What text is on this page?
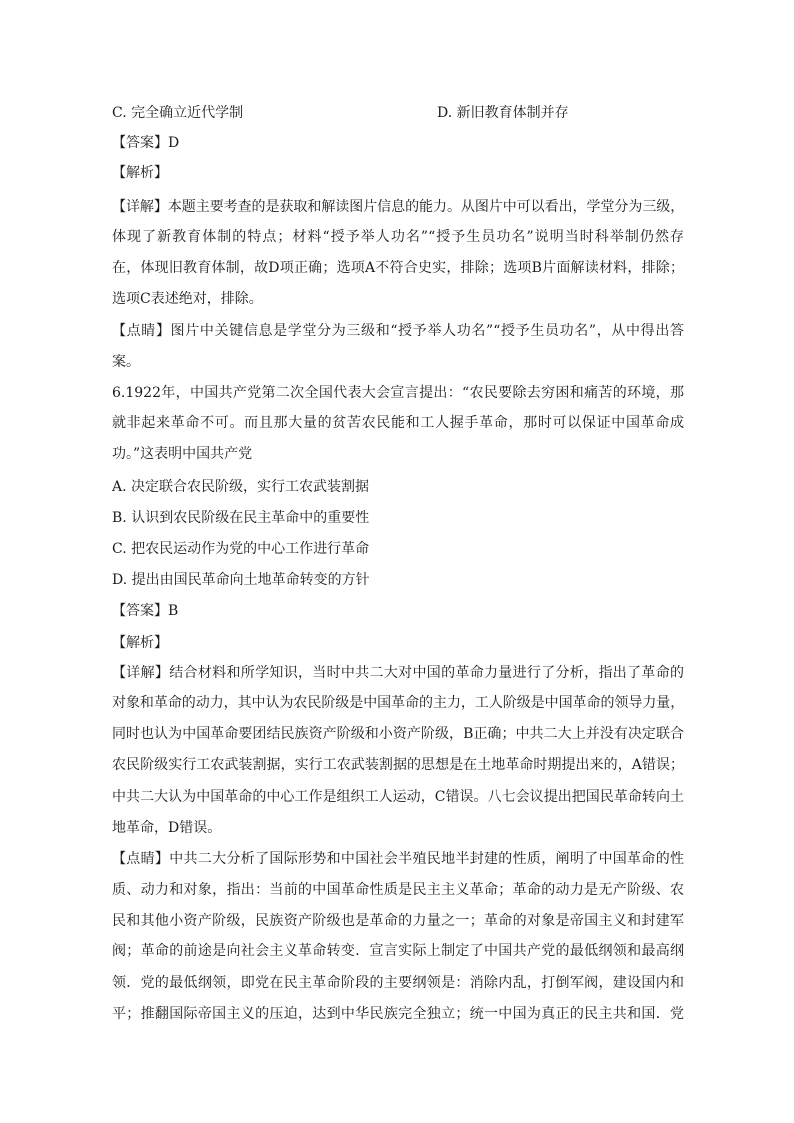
C. 完全确立近代学制	D. 新旧教育体制并存
【答案】D
【解析】
【详解】本题主要考查的是获取和解读图片信息的能力。从图片中可以看出，学堂分为三级，
体现了新教育体制的特点；材料“授予举人功名”“授予生员功名”说明当时科举制仍然存
在，体现旧教育体制，故D项正确；选项A不符合史实，排除；选项B片面解读材料，排除；
选项C表述绝对，排除。
【点睛】图片中关键信息是学堂分为三级和“授予举人功名”“授予生员功名”，从中得出答
案。
6.1922年，中国共产党第二次全国代表大会宣言提出：“农民要除去穷困和痛苦的环境，那
就非起来革命不可。而且那大量的贫苦农民能和工人握手革命，那时可以保证中国革命成
功。”这表明中国共产党
A. 决定联合农民阶级，实行工农武装割据
B. 认识到农民阶级在民主革命中的重要性
C. 把农民运动作为党的中心工作进行革命
D. 提出由国民革命向土地革命转变的方针
【答案】B
【解析】
【详解】结合材料和所学知识，当时中共二大对中国的革命力量进行了分析，指出了革命的
对象和革命的动力，其中认为农民阶级是中国革命的主力，工人阶级是中国革命的领导力量，
同时也认为中国革命要团结民族资产阶级和小资产阶级，B正确；中共二大上并没有决定联合
农民阶级实行工农武装割据，实行工农武装割据的思想是在土地革命时期提出来的，A错误；
中共二大认为中国革命的中心工作是组织工人运动，C错误。八七会议提出把国民革命转向土
地革命，D错误。
【点睛】中共二大分析了国际形势和中国社会半殖民地半封建的性质，阐明了中国革命的性
质、动力和对象，指出：当前的中国革命性质是民主主义革命；革命的动力是无产阶级、农
民和其他小资产阶级，民族资产阶级也是革命的力量之一；革命的对象是帝国主义和封建军
阀；革命的前途是向社会主义革命转变．宣言实际上制定了中国共产党的最低纲领和最高纲
领．党的最低纲领，即党在民主革命阶段的主要纲领是：消除内乱，打倒军阀，建设国内和
平；推翻国际帝国主义的压迫，达到中华民族完全独立；统一中国为真正的民主共和国．党
